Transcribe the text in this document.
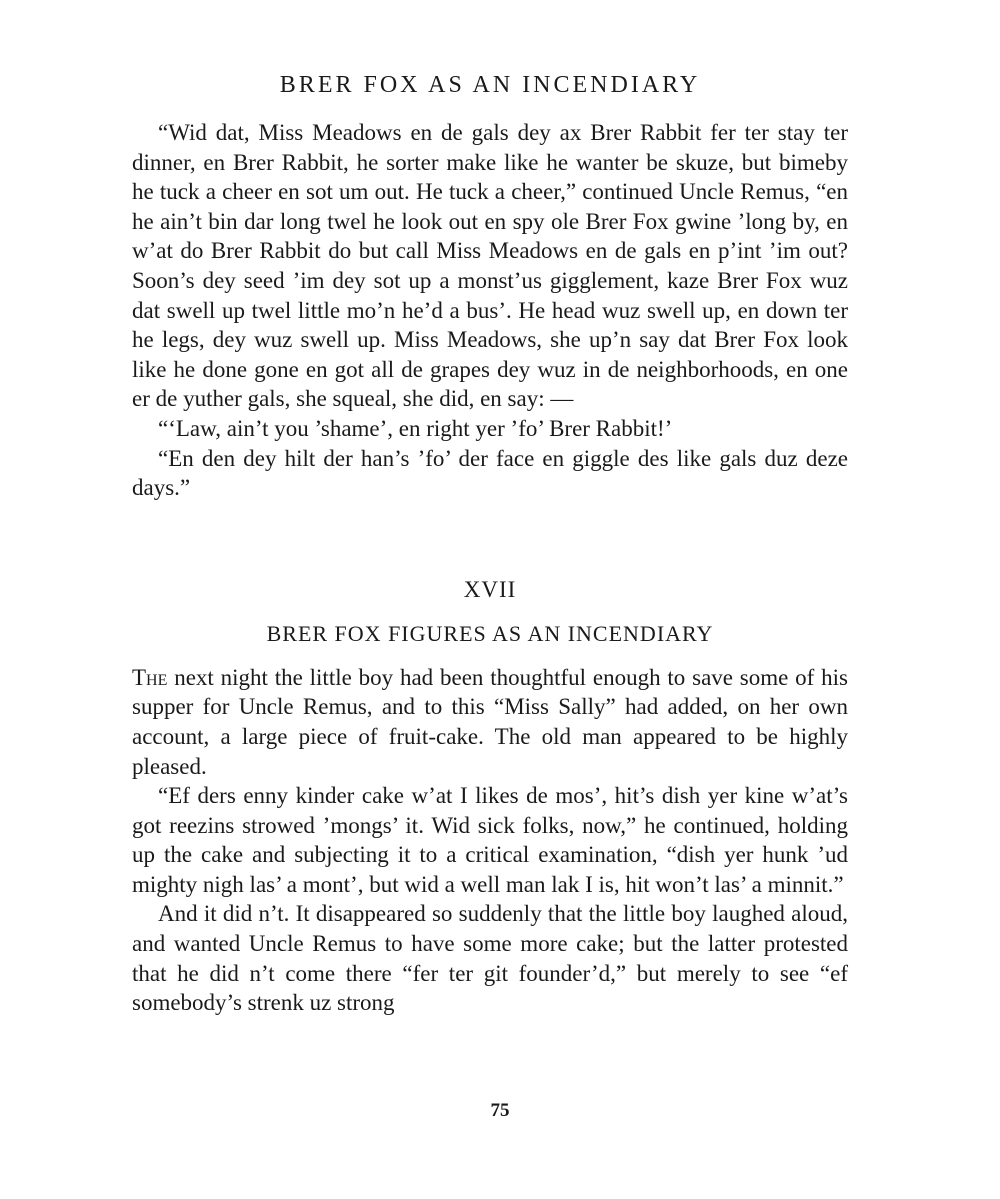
BRER FOX AS AN INCENDIARY

“Wid dat, Miss Meadows en de gals dey ax Brer Rabbit fer ter stay ter dinner, en Brer Rabbit, he sorter make like he wanter be skuze, but bimeby he tuck a cheer en sot um out. He tuck a cheer,” continued Uncle Remus, “en he ain’t bin dar long twel he look out en spy ole Brer Fox gwine ’long by, en w’at do Brer Rabbit do but call Miss Meadows en de gals en p’int ’im out? Soon’s dey seed ’im dey sot up a monst’us gigglement, kaze Brer Fox wuz dat swell up twel little mo’n he’d a bus’. He head wuz swell up, en down ter he legs, dey wuz swell up. Miss Meadows, she up’n say dat Brer Fox look like he done gone en got all de grapes dey wuz in de neighborhoods, en one er de yuther gals, she squeal, she did, en say: —

“‘Law, ain’t you ’shame’, en right yer ’fo’ Brer Rabbit!’

“En den dey hilt der han’s ’fo’ der face en giggle des like gals duz deze days.”

XVII
BRER FOX FIGURES AS AN INCENDIARY

The next night the little boy had been thoughtful enough to save some of his supper for Uncle Remus, and to this “Miss Sally” had added, on her own account, a large piece of fruit-cake. The old man appeared to be highly pleased.

“Ef ders enny kinder cake w’at I likes de mos’, hit’s dish yer kine w’at’s got reezins strowed ’mongs’ it. Wid sick folks, now,” he continued, holding up the cake and subjecting it to a critical examination, “dish yer hunk ’ud mighty nigh las’ a mont’, but wid a well man lak I is, hit won’t las’ a minnit.”

And it did n’t. It disappeared so suddenly that the little boy laughed aloud, and wanted Uncle Remus to have some more cake; but the latter protested that he did n’t come there “fer ter git founder’d,” but merely to see “ef somebody’s strenk uz strong

75
